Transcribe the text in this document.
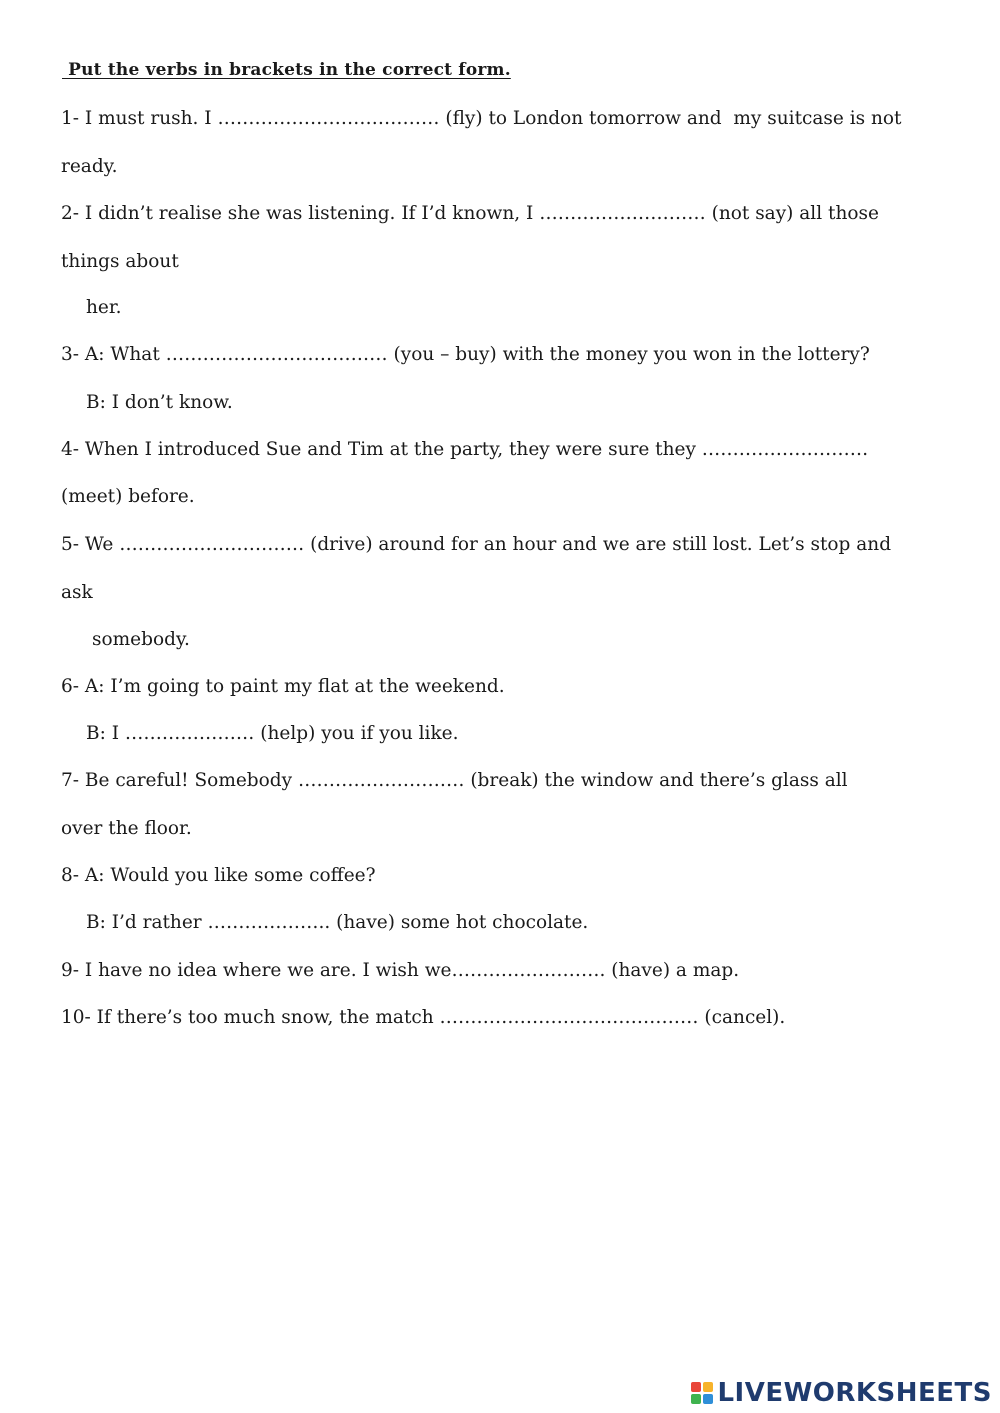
Put the verbs in brackets in the correct form.

1- I must rush. I ……………………………… (fly) to London tomorrow and  my suitcase is not

ready.

2- I didn’t realise she was listening. If I’d known, I ……………………… (not say) all those

things about

her.

3- A: What ……………………………… (you – buy) with the money you won in the lottery?

B: I don’t know.

4- When I introduced Sue and Tim at the party, they were sure they ………………………

(meet) before.

5- We ………………………… (drive) around for an hour and we are still lost. Let’s stop and

ask

somebody.

6- A: I’m going to paint my flat at the weekend.

B: I ………………… (help) you if you like.

7- Be careful! Somebody ……………………… (break) the window and there’s glass all

over the floor.

8- A: Would you like some coffee?

B: I’d rather ……………….. (have) some hot chocolate.

9- I have no idea where we are. I wish we……………………. (have) a map.

10- If there’s too much snow, the match …………………………………… (cancel).

LIVEWORKSHEETS
